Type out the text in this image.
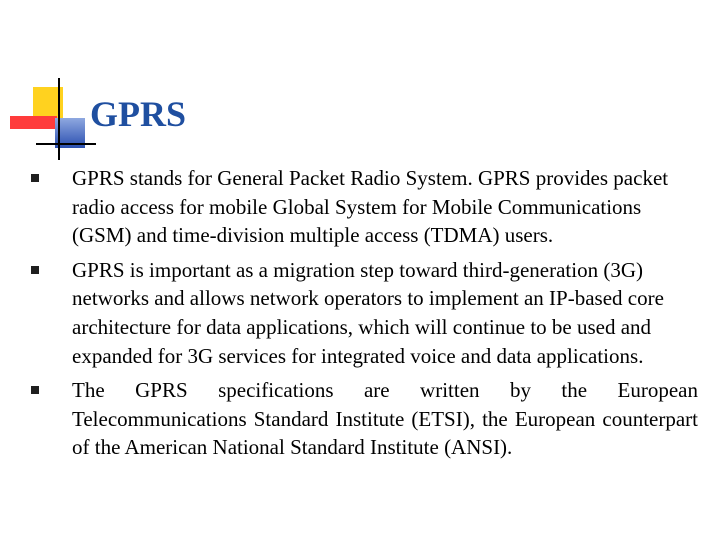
GPRS
GPRS stands for General Packet Radio System. GPRS provides packet radio access for mobile Global System for Mobile Communications (GSM) and time-division multiple access (TDMA) users.
GPRS is important as a migration step toward third-generation (3G) networks and allows network operators to implement an IP-based core architecture for data applications, which will continue to be used and expanded for 3G services for integrated voice and data applications.
The GPRS specifications are written by the European Telecommunications Standard Institute (ETSI), the European counterpart of the American National Standard Institute (ANSI).
